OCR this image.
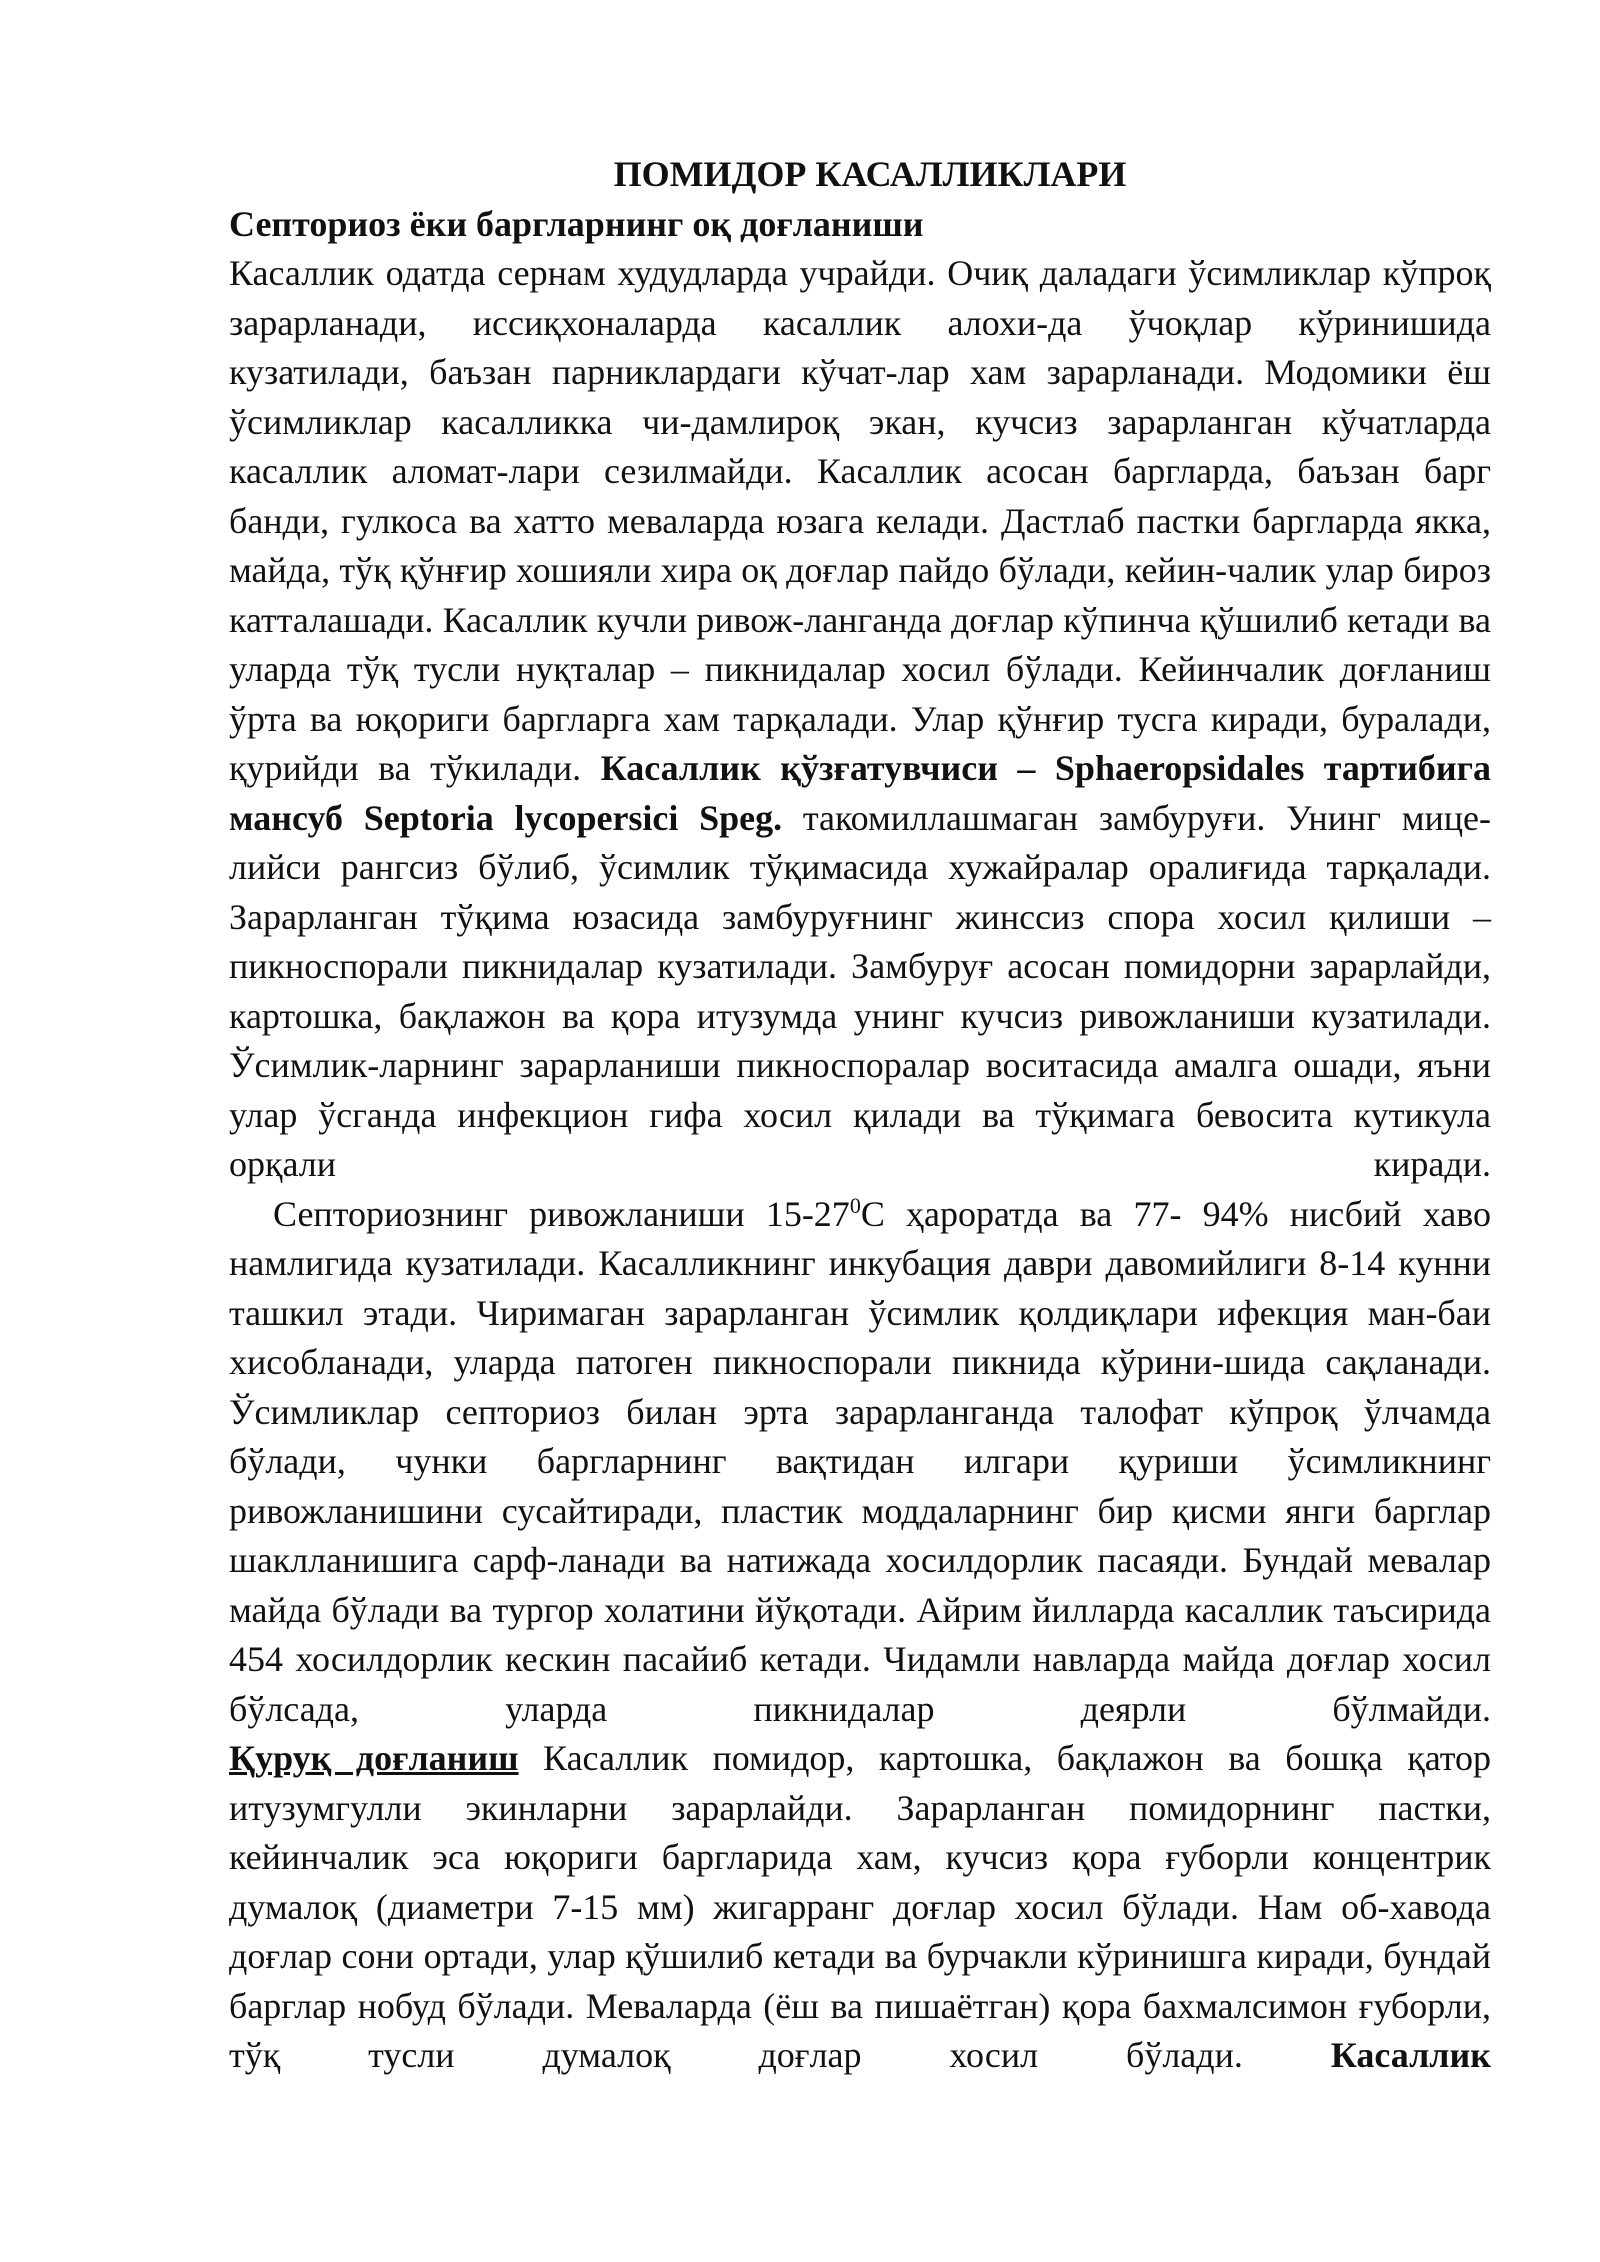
ПОМИДОР КАСАЛЛИКЛАРИ

Септориоз ёки баргларнинг оқ доғланиши

Касаллик одатда сернам худудларда учрайди. Очиқ даладаги ўсимликлар кўпроқ зарарланади, иссиқхоналарда касаллик алохи-да ўчоқлар кўринишида кузатилади, баъзан парниклардаги кўчат-лар хам зарарланади. Модомики ёш ўсимликлар касалликка чи-дамлироқ экан, кучсиз зарарланган кўчатларда касаллик аломат-лари сезилмайди. Касаллик асосан баргларда, баъзан барг банди, гулкоса ва хатто меваларда юзага келади. Дастлаб пастки баргларда якка, майда, тўқ қўнғир хошияли хира оқ доғлар пайдо бўлади, кейин-чалик улар бироз катталашади. Касаллик кучли ривож-ланганда доғлар кўпинча қўшилиб кетади ва уларда тўқ тусли нуқталар – пикнидалар хосил бўлади. Кейинчалик доғланиш ўрта ва юқориги баргларга хам тарқалади. Улар қўнғир тусга киради, буралади, қурийди ва тўкилади. Касаллик қўзғатувчиси – Sphaeropsidales тартибига мансуб Septoria lycopersici Speg. такомиллашмаган замбуруғи. Унинг мице-лийси рангсиз бўлиб, ўсимлик тўқимасида хужайралар оралиғида тарқалади. Зарарланган тўқима юзасида замбуруғнинг жинссиз спора хосил қилиши – пикноспорали пикнидалар кузатилади. Замбуруғ асосан помидорни зарарлайди, картошка, бақлажон ва қора итузумда унинг кучсиз ривожланиши кузатилади. Ўсимлик-ларнинг зарарланиши пикноспоралар воситасида амалга ошади, яъни улар ўсганда инфекцион гифа хосил қилади ва тўқимага бевосита кутикула орқали киради.

Септориознинг ривожланиши $15-27^0С$ ҳароратда ва 77- 94% нисбий хаво намлигида кузатилади. Касалликнинг инкубация даври давомийлиги 8-14 кунни ташкил этади. Чиримаган зарарланган ўсимлик қолдиқлари ифекция ман-баи хисобланади, уларда патоген пикноспорали пикнида кўрини-шида сақланади. Ўсимликлар септориоз билан эрта зарарланганда талофат кўпроқ ўлчамда бўлади, чунки баргларнинг вақтидан илгари қуриши ўсимликнинг ривожланишини сусайтиради, пластик моддаларнинг бир қисми янги барглар шаклланишига сарф-ланади ва натижада хосилдорлик пасаяди. Бундай мевалар майда бўлади ва тургор холатини йўқотади. Айрим йилларда касаллик таъсирида 454 хосилдорлик кескин пасайиб кетади. Чидамли навларда майда доғлар хосил бўлсада, уларда пикнидалар деярли бўлмайди.

Қуруқ доғланиш Касаллик помидор, картошка, бақлажон ва бошқа қатор итузумгулли экинларни зарарлайди. Зарарланган помидорнинг пастки, кейинчалик эса юқориги баргларида хам, кучсиз қора ғуборли концентрик думалоқ (диаметри 7-15 мм) жигарранг доғлар хосил бўлади. Нам об-хавода доғлар сони ортади, улар қўшилиб кетади ва бурчакли кўринишга киради, бундай барглар нобуд бўлади. Меваларда (ёш ва пишаётган) қора бахмалсимон ғуборли, тўқ тусли думалоқ доғлар хосил бўлади. Касаллик
